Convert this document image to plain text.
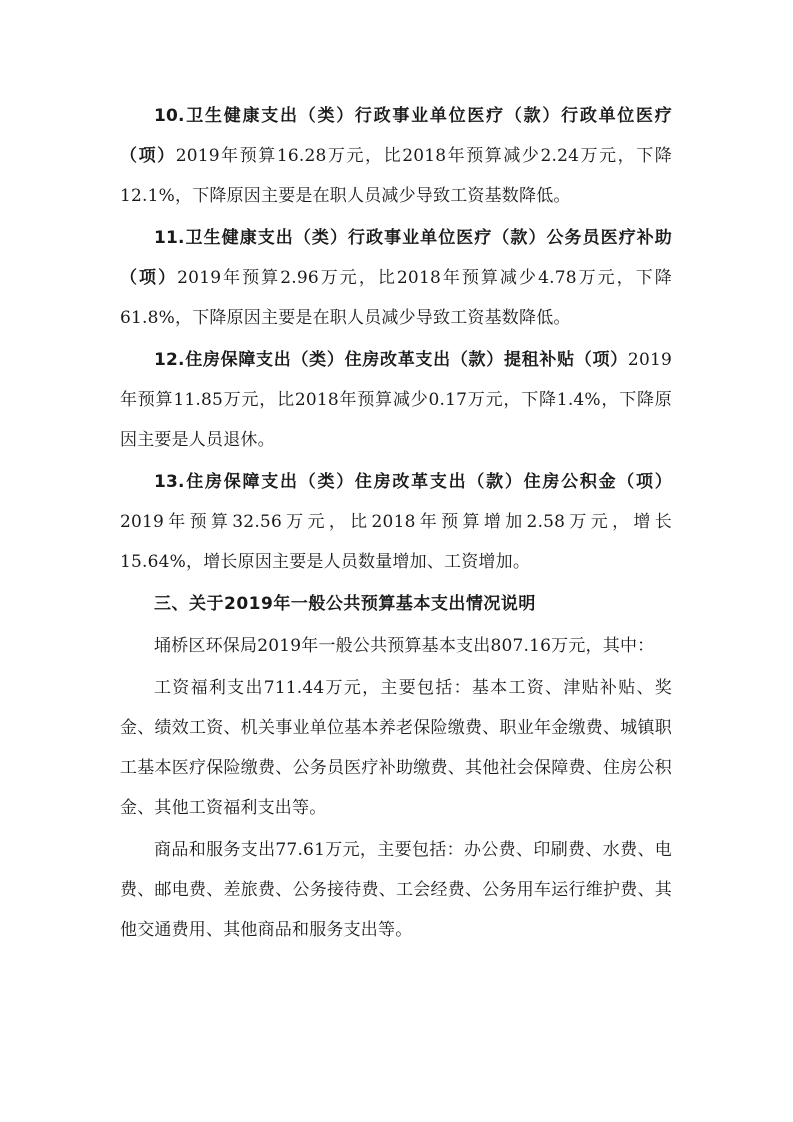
10.卫生健康支出（类）行政事业单位医疗（款）行政单位医疗（项）2019年预算16.28万元，比2018年预算减少2.24万元，下降12.1%，下降原因主要是在职人员减少导致工资基数降低。

11.卫生健康支出（类）行政事业单位医疗（款）公务员医疗补助（项）2019年预算2.96万元，比2018年预算减少4.78万元，下降61.8%，下降原因主要是在职人员减少导致工资基数降低。

12.住房保障支出（类）住房改革支出（款）提租补贴（项）2019年预算11.85万元，比2018年预算减少0.17万元，下降1.4%，下降原因主要是人员退休。

13.住房保障支出（类）住房改革支出（款）住房公积金（项）2019年预算32.56万元，比2018年预算增加2.58万元，增长15.64%，增长原因主要是人员数量增加、工资增加。

三、关于2019年一般公共预算基本支出情况说明

埇桥区环保局2019年一般公共预算基本支出807.16万元，其中：

工资福利支出711.44万元，主要包括：基本工资、津贴补贴、奖金、绩效工资、机关事业单位基本养老保险缴费、职业年金缴费、城镇职工基本医疗保险缴费、公务员医疗补助缴费、其他社会保障费、住房公积金、其他工资福利支出等。

商品和服务支出77.61万元，主要包括：办公费、印刷费、水费、电费、邮电费、差旅费、公务接待费、工会经费、公务用车运行维护费、其他交通费用、其他商品和服务支出等。
